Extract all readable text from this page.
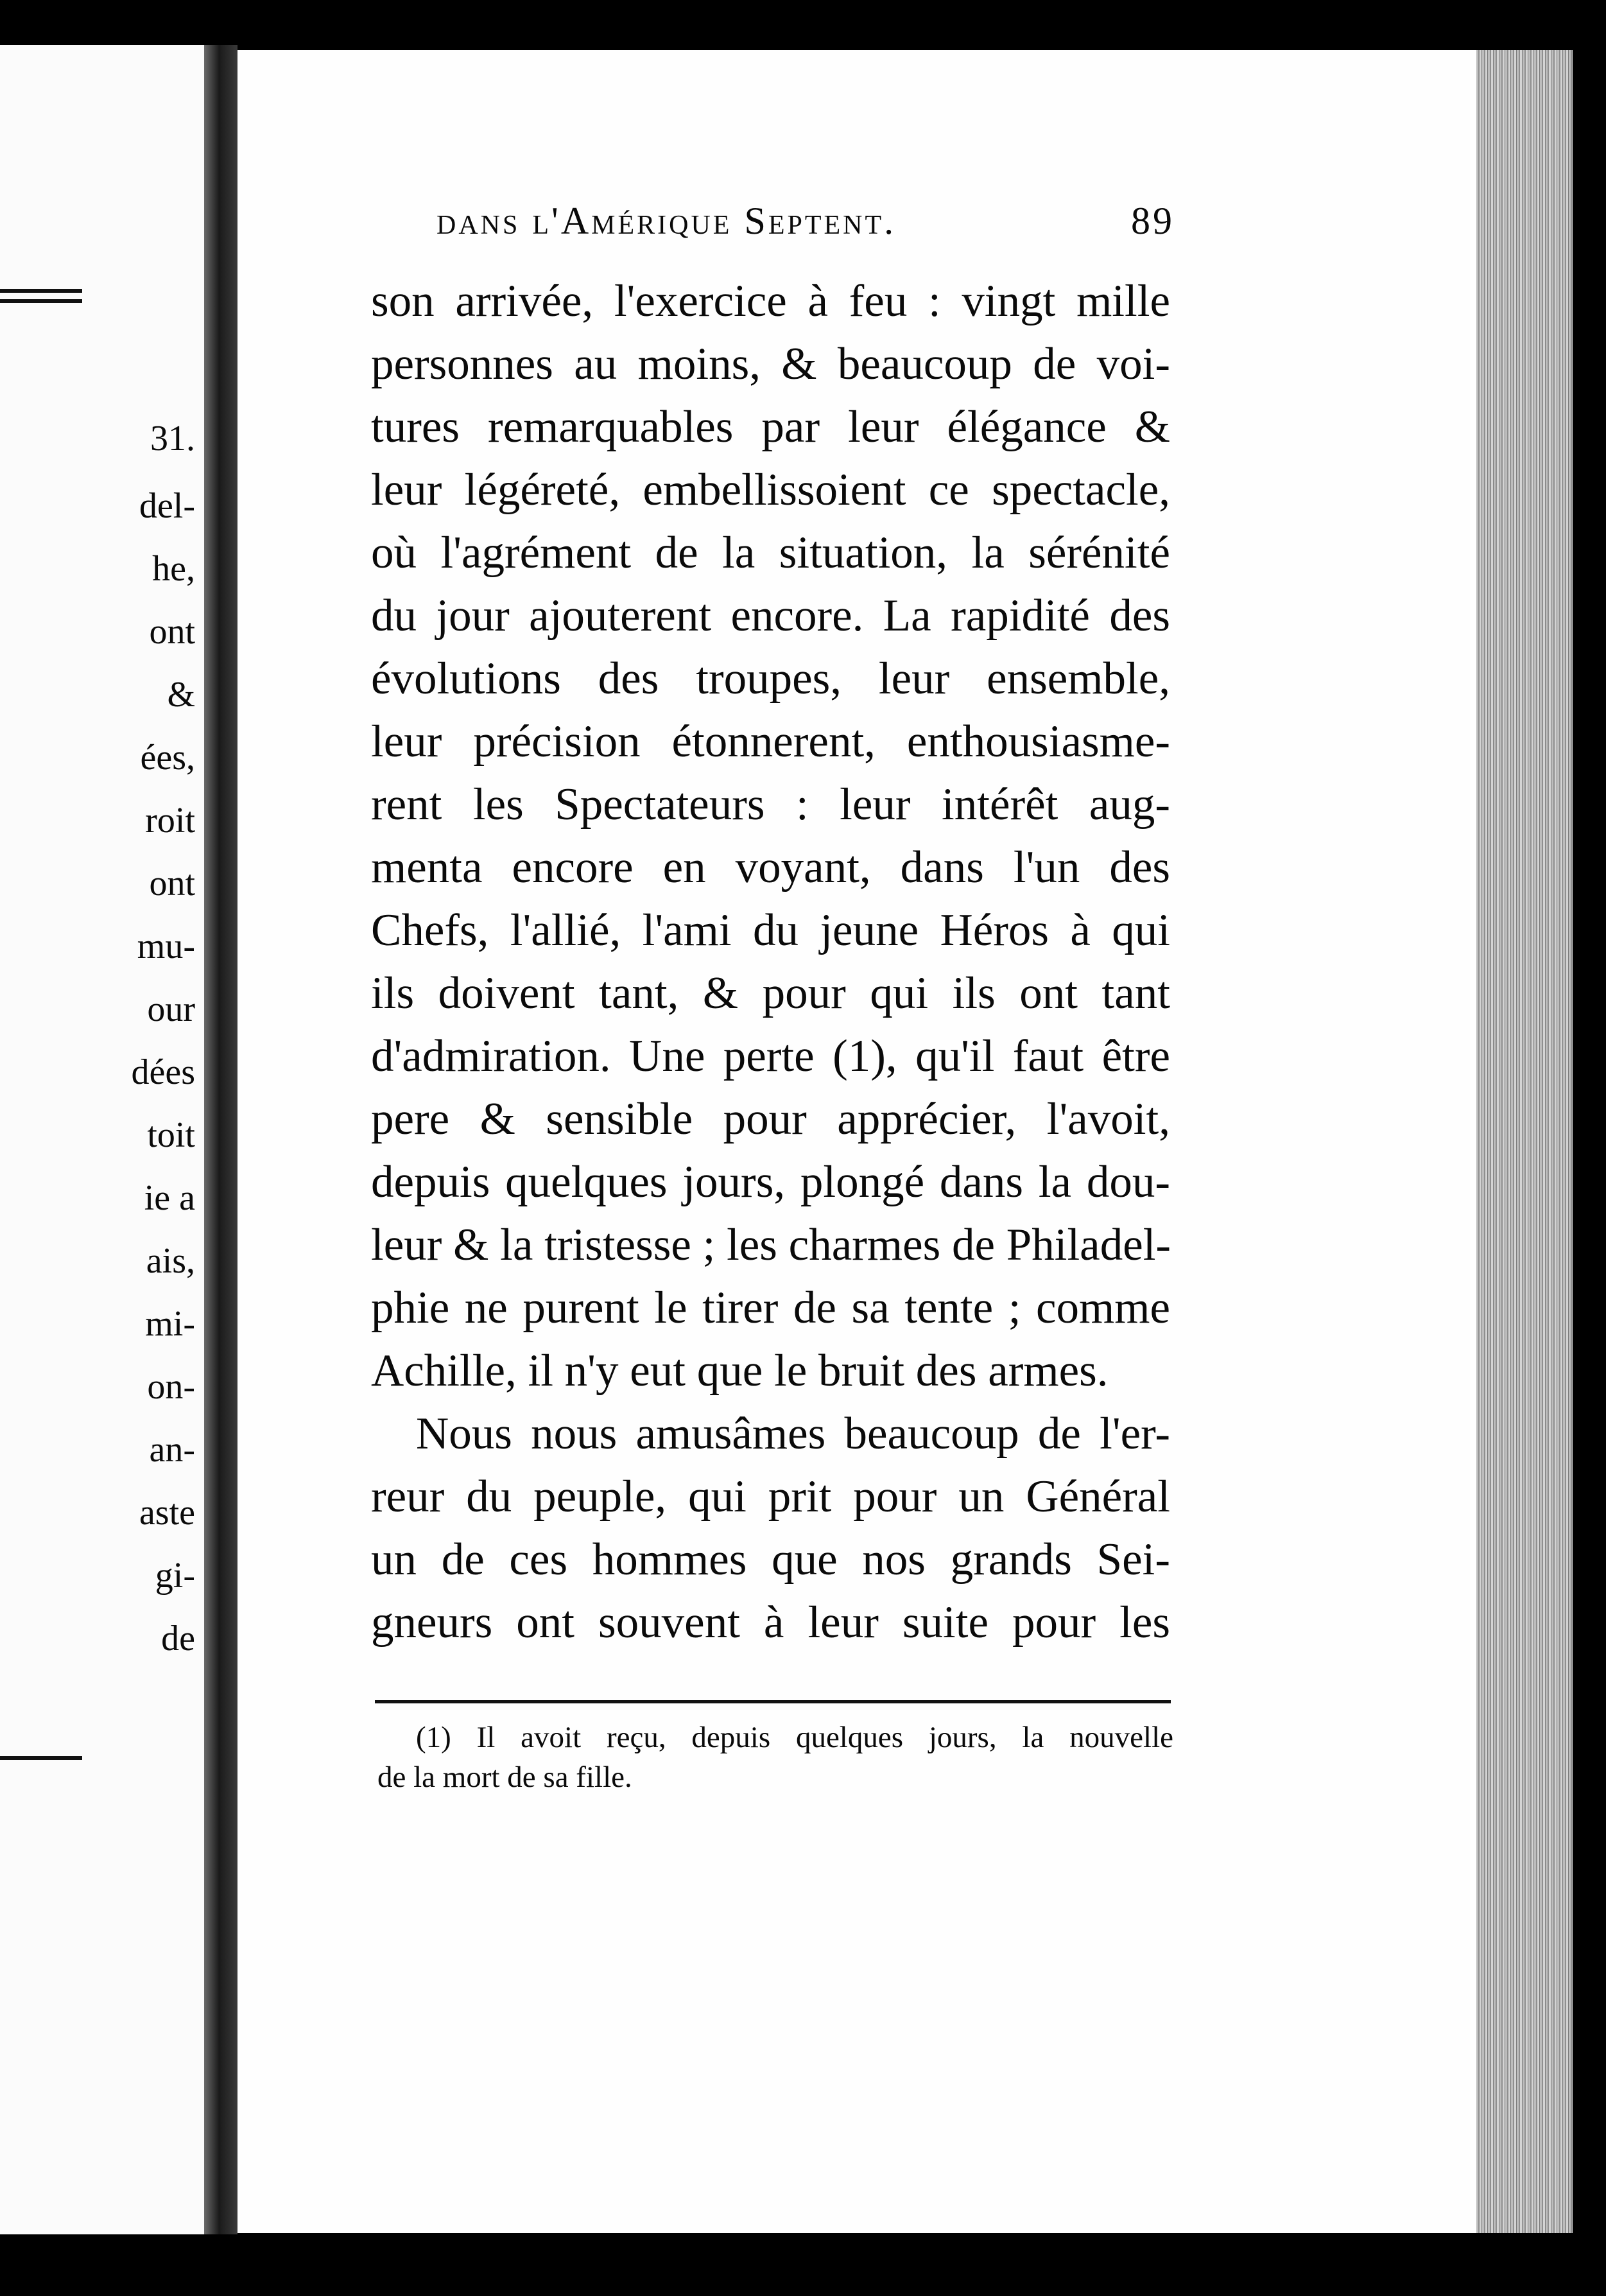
31.
del-
he,
ont
&
ées,
roit
ont
mu-
our
dées
toit
ie a
ais,
mi-
on-
an-
aste
gi-
de
dans l'Amérique Septent.	89
son arrivée, l'exercice à feu : vingt mille
personnes au moins, & beaucoup de voi-
tures remarquables par leur élégance &
leur légéreté, embellissoient ce spectacle,
où l'agrément de la situation, la sérénité
du jour ajouterent encore. La rapidité des
évolutions des troupes, leur ensemble,
leur précision étonnerent, enthousiasme-
rent les Spectateurs : leur intérêt aug-
menta encore en voyant, dans l'un des
Chefs, l'allié, l'ami du jeune Héros à qui
ils doivent tant, & pour qui ils ont tant
d'admiration. Une perte (1), qu'il faut être
pere & sensible pour apprécier, l'avoit,
depuis quelques jours, plongé dans la dou-
leur & la tristesse ; les charmes de Philadel-
phie ne purent le tirer de sa tente ; comme
Achille, il n'y eut que le bruit des armes.
Nous nous amusâmes beaucoup de l'er-
reur du peuple, qui prit pour un Général
un de ces hommes que nos grands Sei-
gneurs ont souvent à leur suite pour les
(1) Il avoit reçu, depuis quelques jours, la nouvelle
de la mort de sa fille.
